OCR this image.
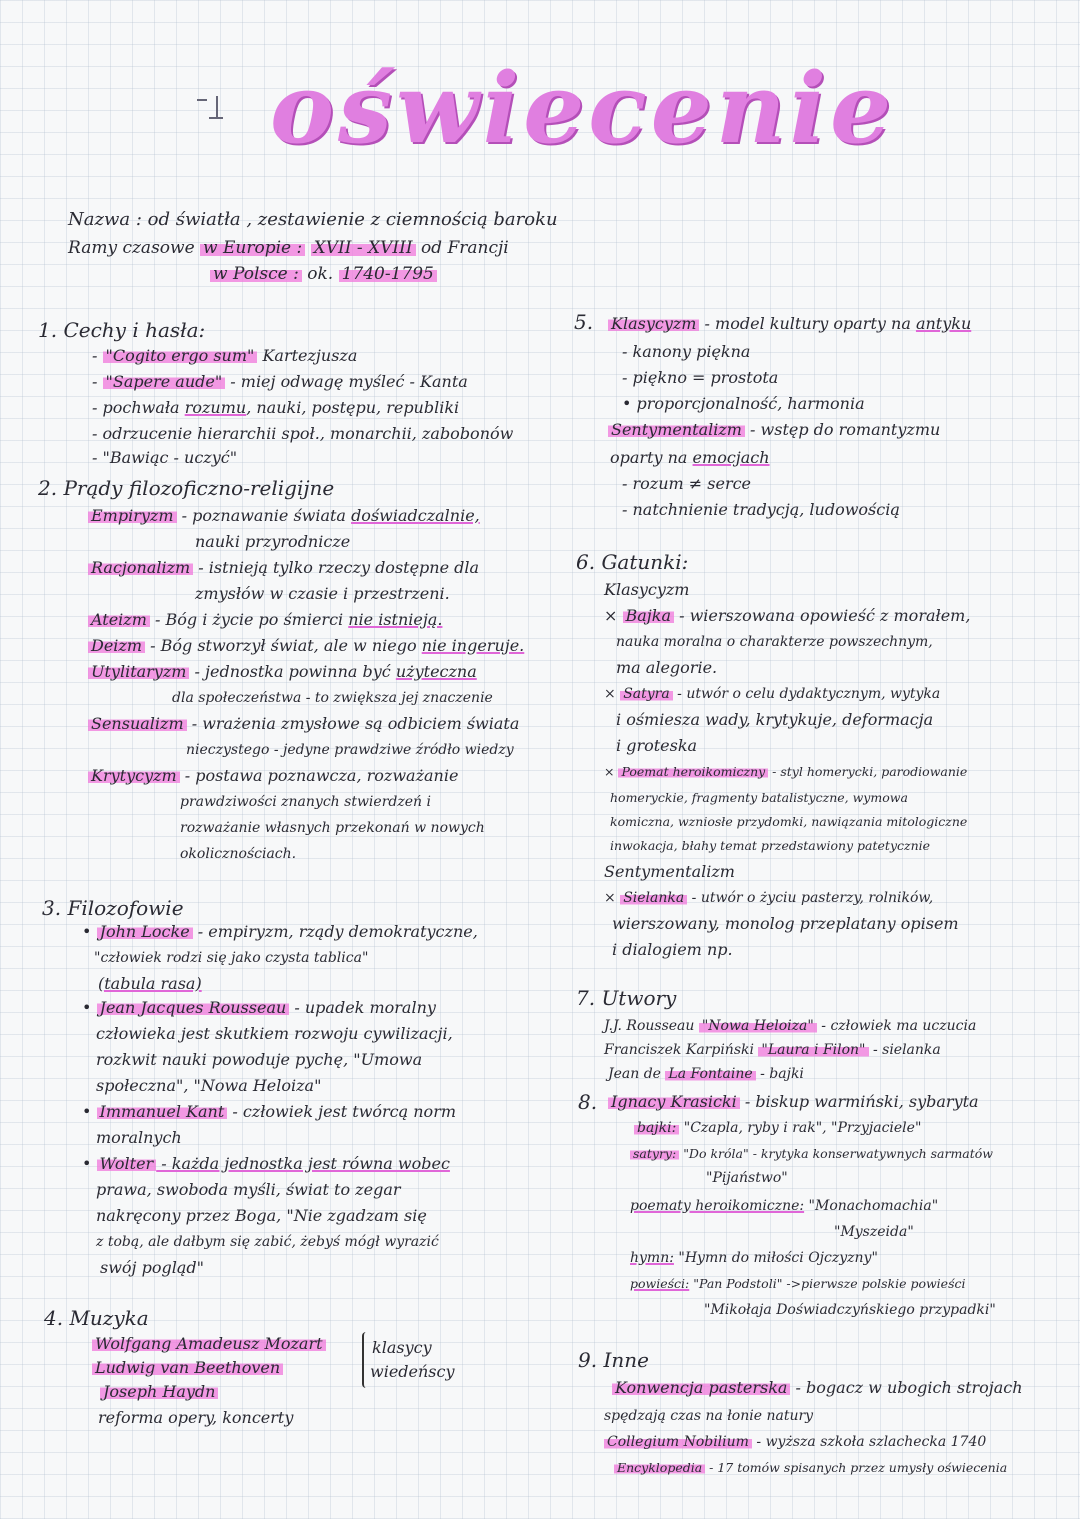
oświecenie
Nazwa : od światła , zestawienie z ciemnością baroku
Ramy czasowe w Europie : XVII - XVIII od Francji
w Polsce : ok. 1740-1795
1. Cechy i hasła:
- "Cogito ergo sum" Kartezjusza
- "Sapere aude" - miej odwagę myśleć - Kanta
- pochwała rozumu, nauki, postępu, republiki
- odrzucenie hierarchii społ., monarchii, zabobonów
- "Bawiąc - uczyć"
2. Prądy filozoficzno-religijne
Empiryzm - poznawanie świata doświadczalnie,
nauki przyrodnicze
Racjonalizm - istnieją tylko rzeczy dostępne dla
zmysłów w czasie i przestrzeni.
Ateizm - Bóg i życie po śmierci nie istnieją.
Deizm - Bóg stworzył świat, ale w niego nie ingeruje.
Utylitaryzm - jednostka powinna być użyteczna
dla społeczeństwa - to zwiększa jej znaczenie
Sensualizm - wrażenia zmysłowe są odbiciem świata
nieczystego - jedyne prawdziwe źródło wiedzy
Krytycyzm - postawa poznawcza, rozważanie
prawdziwości znanych stwierdzeń i
rozważanie własnych przekonań w nowych
okolicznościach.
3. Filozofowie
• John Locke - empiryzm, rządy demokratyczne,
"człowiek rodzi się jako czysta tablica"
(tabula rasa)
• Jean Jacques Rousseau - upadek moralny
człowieka jest skutkiem rozwoju cywilizacji,
rozkwit nauki powoduje pychę, "Umowa
społeczna", "Nowa Heloiza"
• Immanuel Kant - człowiek jest twórcą norm
moralnych
• Wolter - każda jednostka jest równa wobec
prawa, swoboda myśli, świat to zegar
nakręcony przez Boga, "Nie zgadzam się
z tobą, ale dałbym się zabić, żebyś mógł wyrazić
swój pogląd"
4. Muzyka
Wolfgang Amadeusz Mozart
Ludwig van Beethoven
Joseph Haydn
klasycy
wiedeńscy
reforma opery, koncerty
5. Klasycyzm - model kultury oparty na antyku
- kanony piękna
- piękno = prostota
• proporcjonalność, harmonia
Sentymentalizm - wstęp do romantyzmu
oparty na emocjach
- rozum ≠ serce
- natchnienie tradycją, ludowością
6. Gatunki:
Klasycyzm
× Bajka - wierszowana opowieść z morałem,
nauka moralna o charakterze powszechnym,
ma alegorie.
× Satyra - utwór o celu dydaktycznym, wytyka
i ośmiesza wady, krytykuje, deformacja
i groteska
× Poemat heroikomiczny - styl homerycki, parodiowanie
homeryckie, fragmenty batalistyczne, wymowa
komiczna, wzniosłe przydomki, nawiązania mitologiczne
inwokacja, błahy temat przedstawiony patetycznie
Sentymentalizm
× Sielanka - utwór o życiu pasterzy, rolników,
wierszowany, monolog przeplatany opisem
i dialogiem np.
7. Utwory
J.J. Rousseau "Nowa Heloiza" - człowiek ma uczucia
Franciszek Karpiński "Laura i Filon" - sielanka
Jean de La Fontaine - bajki
8. Ignacy Krasicki - biskup warmiński, sybaryta
bajki: "Czapla, ryby i rak", "Przyjaciele"
satyry: "Do króla" - krytyka konserwatywnych sarmatów
"Pijaństwo"
poematy heroikomiczne: "Monachomachia"
"Myszeida"
hymn: "Hymn do miłości Ojczyzny"
powieści: "Pan Podstoli" ->pierwsze polskie powieści
"Mikołaja Doświadczyńskiego przypadki"
9. Inne
Konwencja pasterska - bogacz w ubogich strojach
spędzają czas na łonie natury
Collegium Nobilium - wyższa szkoła szlachecka 1740
Encyklopedia - 17 tomów spisanych przez umysły oświecenia
